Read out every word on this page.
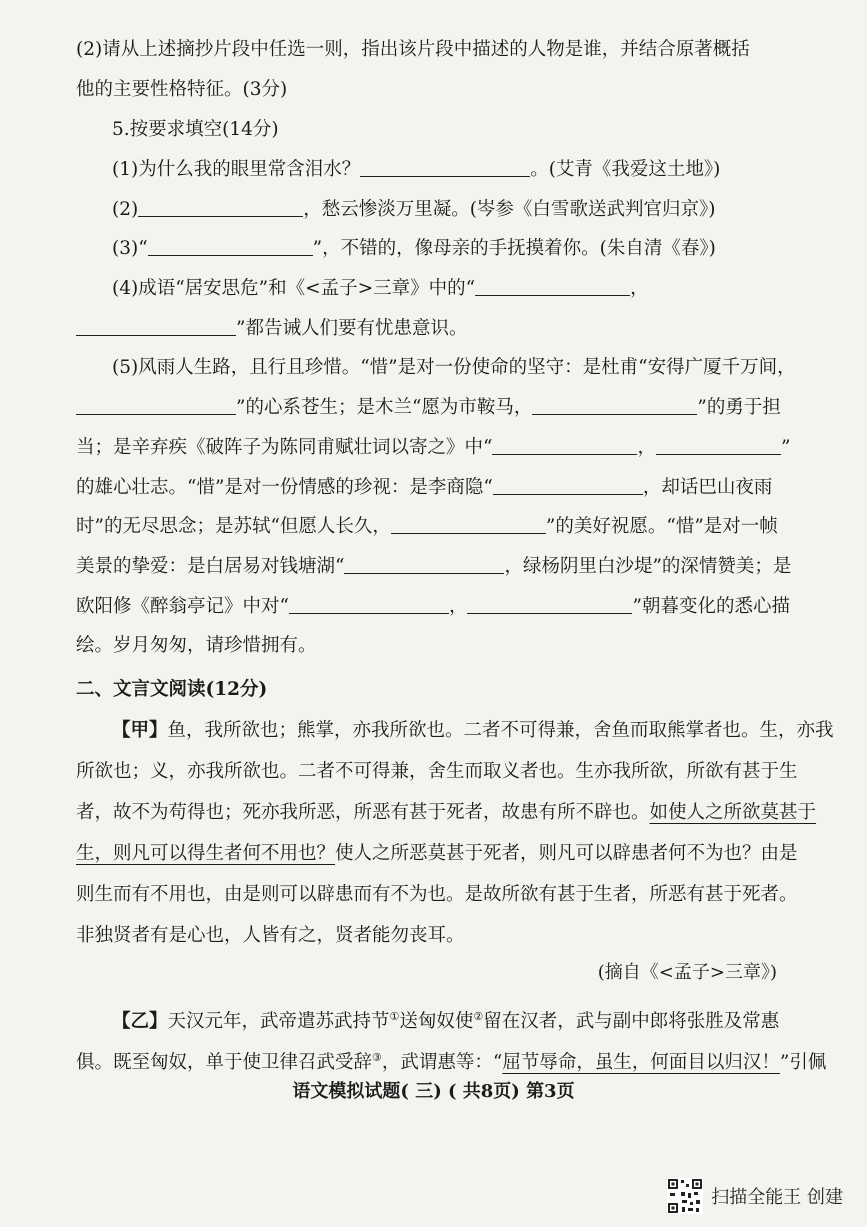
(2)请从上述摘抄片段中任选一则，指出该片段中描述的人物是谁，并结合原著概括
他的主要性格特征。(3分)
5.按要求填空(14分)
(1)为什么我的眼里常含泪水？	。(艾青《我爱这土地》)
(2)	，愁云惨淡万里凝。(岑参《白雪歌送武判官归京》)
(3)“	”，不错的，像母亲的手抚摸着你。(朱自清《春》)
(4)成语“居安思危”和《<孟子>三章》中的“	，
”都告诫人们要有忧患意识。
(5)风雨人生路，且行且珍惜。“惜”是对一份使命的坚守：是杜甫“安得广厦千万间，
”的心系苍生；是木兰“愿为市鞍马，	”的勇于担
当；是辛弃疾《破阵子为陈同甫赋壮词以寄之》中“	，	”
的雄心壮志。“惜”是对一份情感的珍视：是李商隐“	，却话巴山夜雨
时”的无尽思念；是苏轼“但愿人长久，	”的美好祝愿。“惜”是对一帧
美景的挚爱：是白居易对钱塘湖“	，绿杨阴里白沙堤”的深情赞美；是
欧阳修《醉翁亭记》中对“	，	”朝暮变化的悉心描
绘。岁月匆匆，请珍惜拥有。
二、文言文阅读(12分)
【甲】鱼，我所欲也；熊掌，亦我所欲也。二者不可得兼，舍鱼而取熊掌者也。生，亦我
所欲也；义，亦我所欲也。二者不可得兼，舍生而取义者也。生亦我所欲，所欲有甚于生
者，故不为苟得也；死亦我所恶，所恶有甚于死者，故患有所不辟也。如使人之所欲莫甚于
生，则凡可以得生者何不用也？使人之所恶莫甚于死者，则凡可以辟患者何不为也？由是
则生而有不用也，由是则可以辟患而有不为也。是故所欲有甚于生者，所恶有甚于死者。
非独贤者有是心也，人皆有之，贤者能勿丧耳。
(摘自《<孟子>三章》)
【乙】天汉元年，武帝遣苏武持节①送匈奴使②留在汉者，武与副中郎将张胜及常惠
俱。既至匈奴，单于使卫律召武受辞③，武谓惠等：“屈节辱命，虽生，何面目以归汉！”引佩
语文模拟试题( 三) ( 共8页) 第3页
扫描全能王 创建
